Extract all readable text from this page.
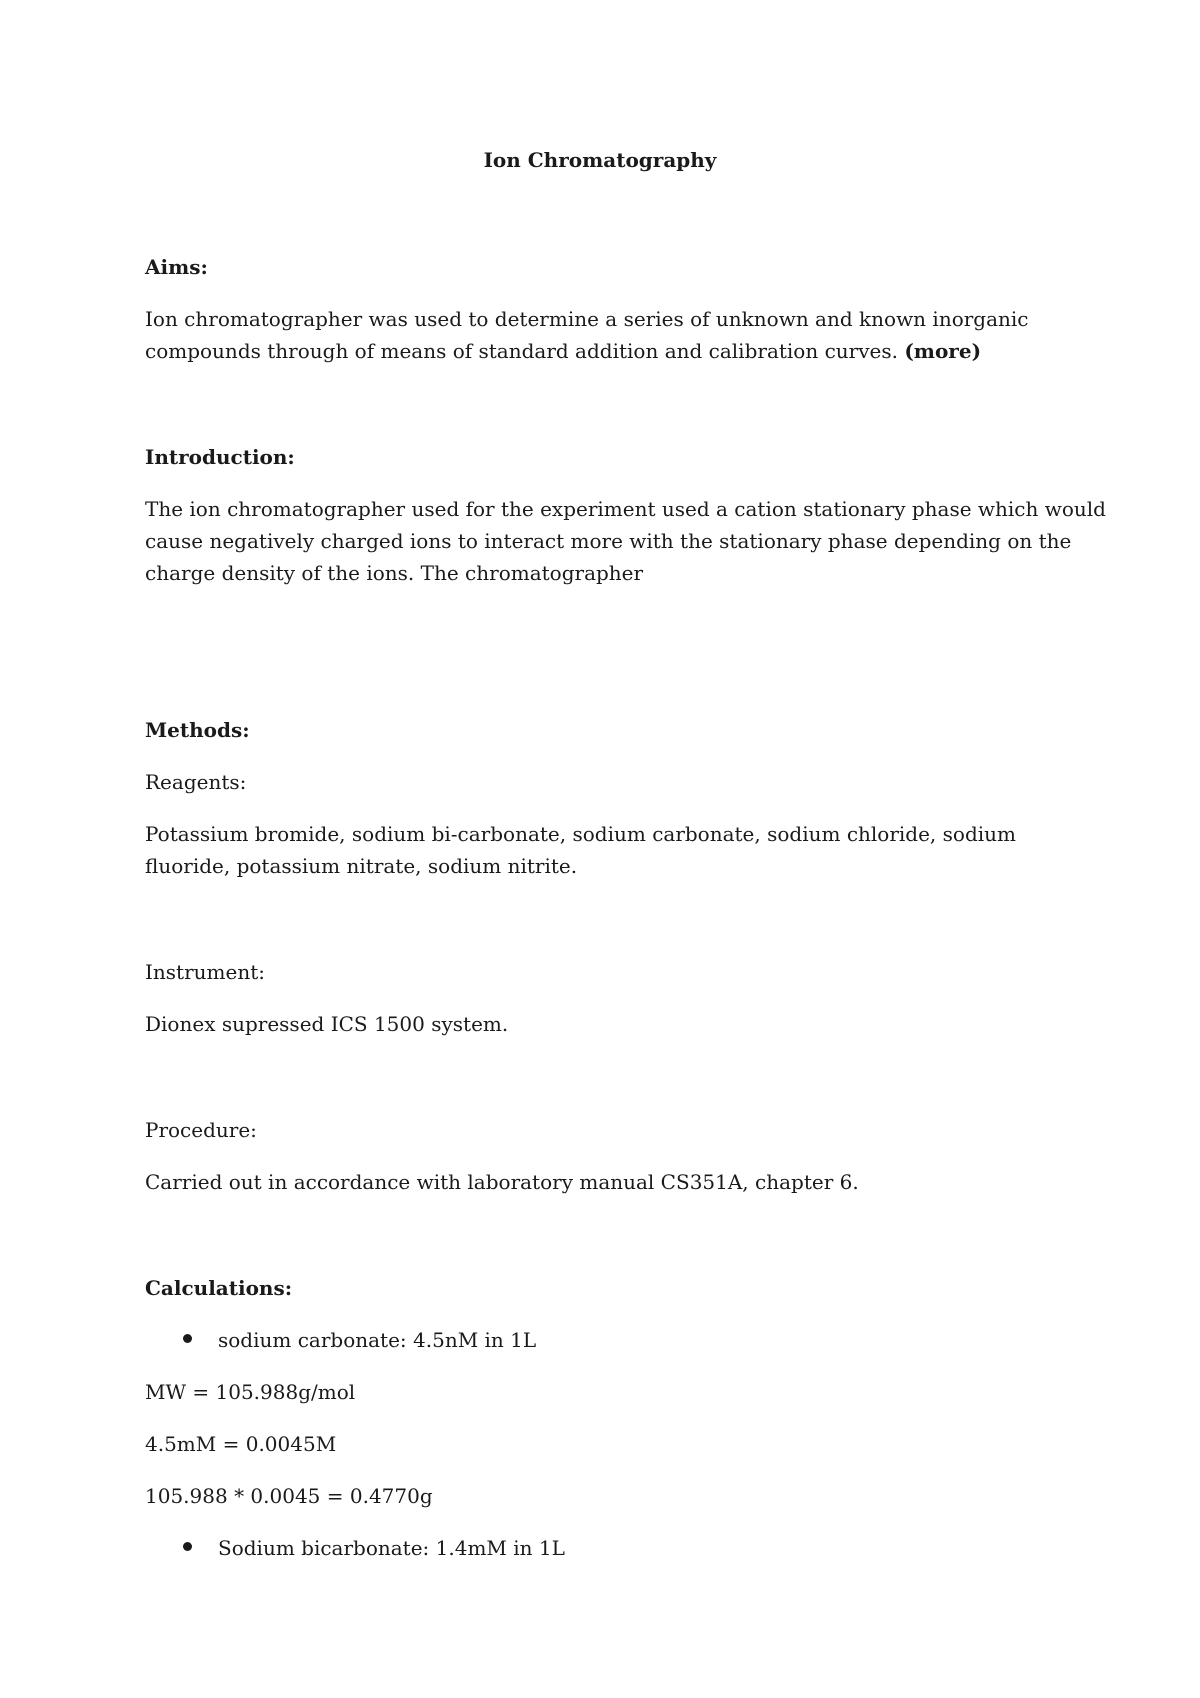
Ion Chromatography
Aims:
Ion chromatographer was used to determine a series of unknown and known inorganic
compounds through of means of standard addition and calibration curves. (more)
Introduction:
The ion chromatographer used for the experiment used a cation stationary phase which would
cause negatively charged ions to interact more with the stationary phase depending on the
charge density of the ions. The chromatographer
Methods:
Reagents:
Potassium bromide, sodium bi-carbonate, sodium carbonate, sodium chloride, sodium
fluoride, potassium nitrate, sodium nitrite.
Instrument:
Dionex supressed ICS 1500 system.
Procedure:
Carried out in accordance with laboratory manual CS351A, chapter 6.
Calculations:
sodium carbonate: 4.5nM in 1L
MW = 105.988g/mol
4.5mM = 0.0045M
105.988 * 0.0045 = 0.4770g
Sodium bicarbonate: 1.4mM in 1L
